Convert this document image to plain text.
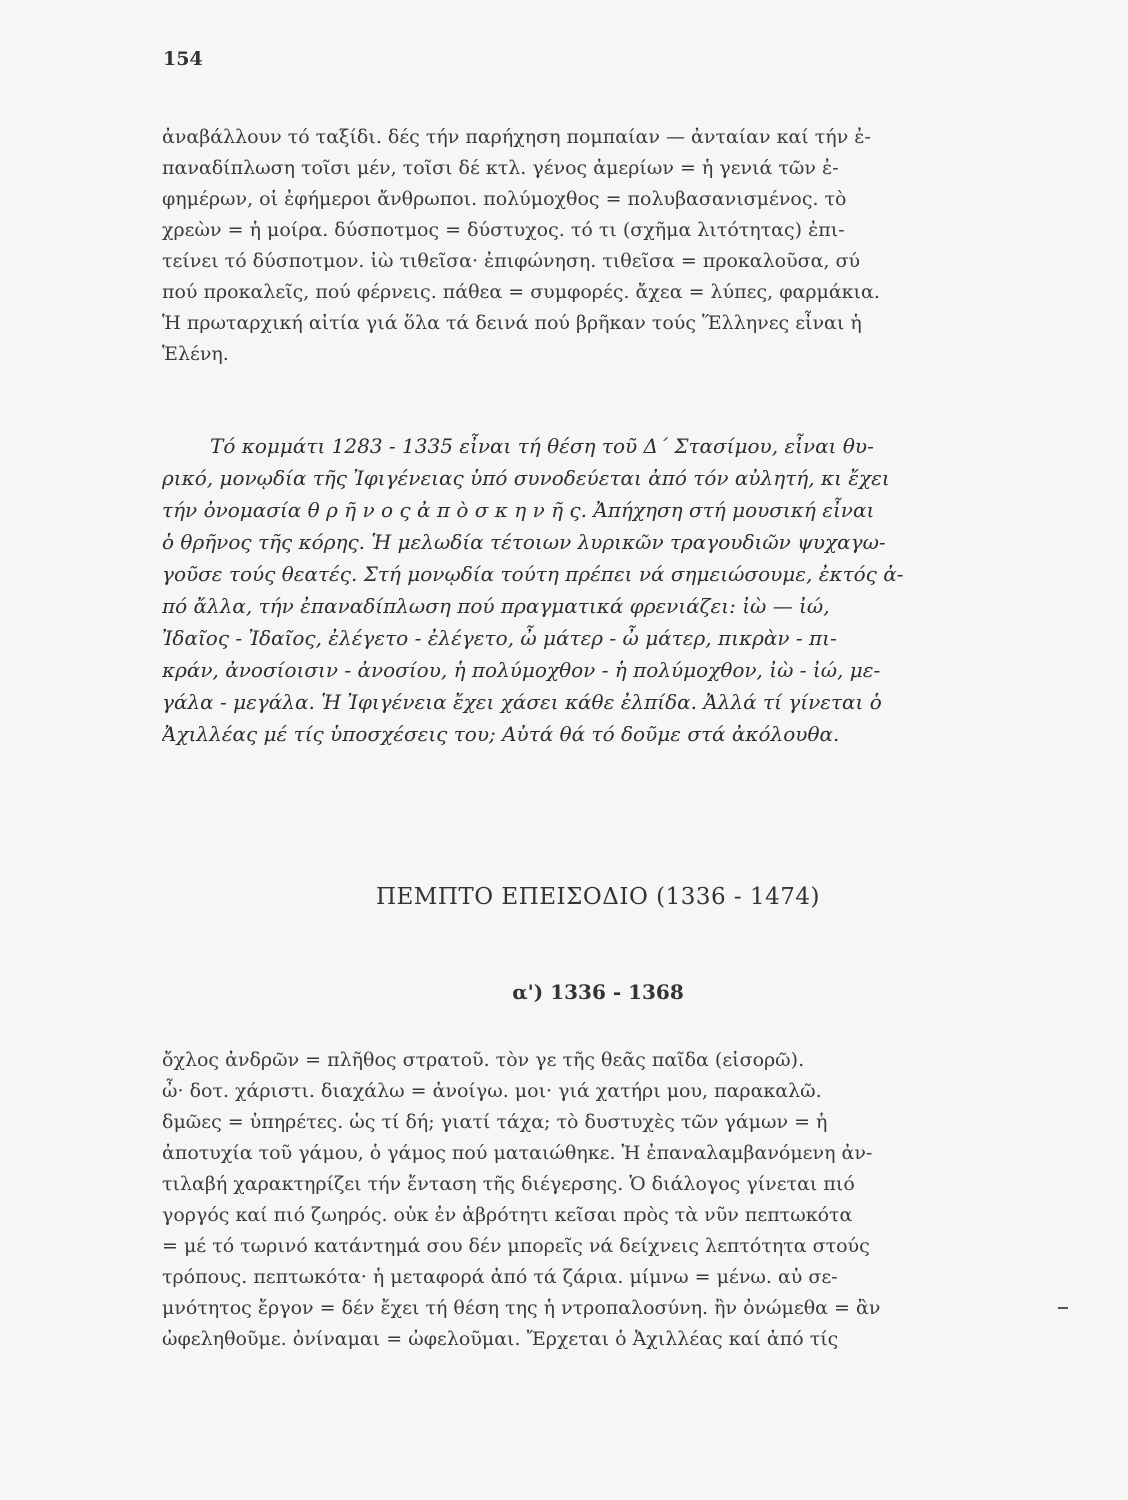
154
ἀναβάλλουν τό ταξίδι. δές τήν παρήχηση πομπαίαν — ἀνταίαν καί τήν ἐ-
παναδίπλωση τοῖσι μέν, τοῖσι δέ κτλ. γένος ἀμερίων = ἡ γενιά τῶν ἐ-
φημέρων, οἱ ἐφήμεροι ἄνθρωποι. πολύμοχθος = πολυβασανισμένος. τὸ
χρεὼν = ἡ μοίρα. δύσποτμος = δύστυχος. τό τι (σχῆμα λιτότητας) ἐπι-
τείνει τό δύσποτμον. ἰὼ τιθεῖσα· ἐπιφώνηση. τιθεῖσα = προκαλοῦσα, σύ
πού προκαλεῖς, πού φέρνεις. πάθεα = συμφορές. ἄχεα = λύπες, φαρμάκια.
Ἡ πρωταρχική αἰτία γιά ὅλα τά δεινά πού βρῆκαν τούς Ἕλληνες εἶναι ἡ
Ἑλένη.
Τό κομμάτι 1283 - 1335 εἶναι τή θέση τοῦ Δ΄ Στασίμου, εἶναι θυ-
ρικό, μονῳδία τῆς Ἰφιγένειας ὑπό συνοδεύεται ἀπό τόν αὐλητή, κι ἔχει
τήν ὀνομασία θ ρ ῆ ν ο ς ἀ π ὸ σ κ η ν ῆ ς. Ἀπήχηση στή μουσική εἶναι
ὁ θρῆνος τῆς κόρης. Ἡ μελωδία τέτοιων λυρικῶν τραγουδιῶν ψυχαγω-
γοῦσε τούς θεατές. Στή μονῳδία τούτη πρέπει νά σημειώσουμε, ἐκτός ἀ-
πό ἄλλα, τήν ἐπαναδίπλωση πού πραγματικά φρενιάζει: ἰὼ — ἰώ,
Ἰδαῖος - Ἰδαῖος, ἐλέγετο - ἐλέγετο, ὦ μάτερ - ὦ μάτερ, πικρὰν - πι-
κράν, ἀνοσίοισιν - ἀνοσίου, ἡ πολύμοχθον - ἡ πολύμοχθον, ἰὼ - ἰώ, με-
γάλα - μεγάλα. Ἡ Ἰφιγένεια ἔχει χάσει κάθε ἐλπίδα. Ἀλλά τί γίνεται ὁ
Ἀχιλλέας μέ τίς ὑποσχέσεις του; Αὐτά θά τό δοῦμε στά ἀκόλουθα.
ΠΕΜΠΤΟ ΕΠΕΙΣΟΔΙΟ (1336 - 1474)
α') 1336 - 1368
ὄχλος ἀνδρῶν = πλῆθος στρατοῦ. τὸν γε τῆς θεᾶς παῖδα (εἰσορῶ).
ὦ· δοτ. χάριστι. διαχάλω = ἀνοίγω. μοι· γιά χατήρι μου, παρακαλῶ.
δμῶες = ὑπηρέτες. ὡς τί δή; γιατί τάχα; τὸ δυστυχὲς τῶν γάμων = ἡ
ἀποτυχία τοῦ γάμου, ὁ γάμος πού ματαιώθηκε. Ἡ ἐπαναλαμβανόμενη ἀν-
τιλαβή χαρακτηρίζει τήν ἔνταση τῆς διέγερσης. Ὁ διάλογος γίνεται πιό
γοργός καί πιό ζωηρός. οὐκ ἐν ἁβρότητι κεῖσαι πρὸς τὰ νῦν πεπτωκότα
= μέ τό τωρινό κατάντημά σου δέν μπορεῖς νά δείχνεις λεπτότητα στούς
τρόπους. πεπτωκότα· ἡ μεταφορά ἀπό τά ζάρια. μίμνω = μένω. αὐ σε-
μνότητος ἔργον = δέν ἔχει τή θέση της ἡ ντροπαλοσύνη. ἢν ὀνώμεθα = ἂν
ὠφεληθοῦμε. ὀνίναμαι = ὠφελοῦμαι. Ἔρχεται ὁ Ἀχιλλέας καί ἀπό τίς
